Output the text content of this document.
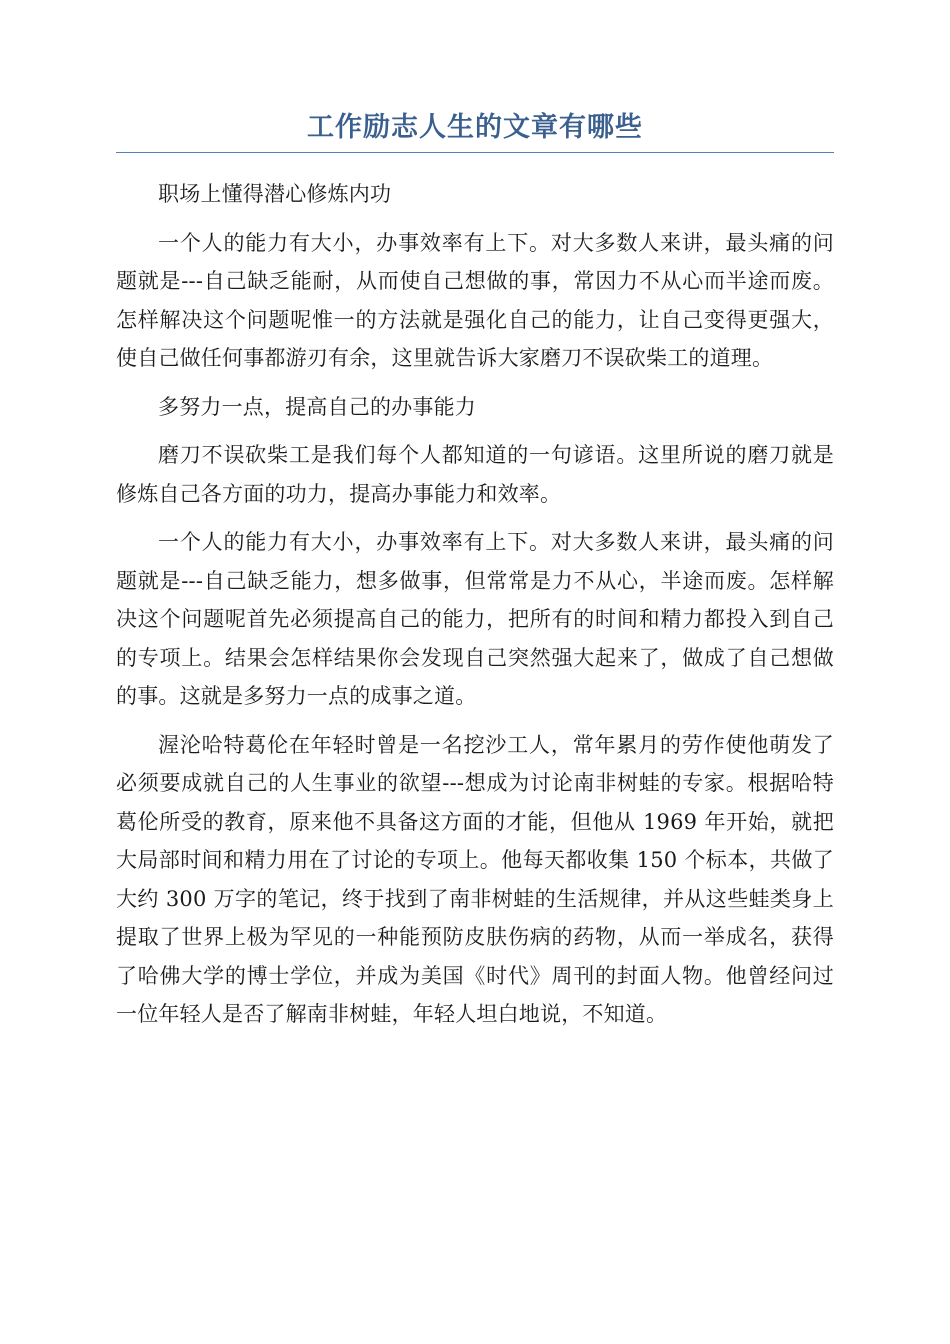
工作励志人生的文章有哪些

职场上懂得潜心修炼内功

一个人的能力有大小，办事效率有上下。对大多数人来讲，最头痛的问题就是---自己缺乏能耐，从而使自己想做的事，常因力不从心而半途而废。怎样解决这个问题呢惟一的方法就是强化自己的能力，让自己变得更强大，使自己做任何事都游刃有余，这里就告诉大家磨刀不误砍柴工的道理。

多努力一点，提高自己的办事能力

磨刀不误砍柴工是我们每个人都知道的一句谚语。这里所说的磨刀就是修炼自己各方面的功力，提高办事能力和效率。

一个人的能力有大小，办事效率有上下。对大多数人来讲，最头痛的问题就是---自己缺乏能力，想多做事，但常常是力不从心，半途而废。怎样解决这个问题呢首先必须提高自己的能力，把所有的时间和精力都投入到自己的专项上。结果会怎样结果你会发现自己突然强大起来了，做成了自己想做的事。这就是多努力一点的成事之道。

渥沦哈特葛伦在年轻时曾是一名挖沙工人，常年累月的劳作使他萌发了必须要成就自己的人生事业的欲望---想成为讨论南非树蛙的专家。根据哈特葛伦所受的教育，原来他不具备这方面的才能，但他从 1969 年开始，就把大局部时间和精力用在了讨论的专项上。他每天都收集 150 个标本，共做了大约 300 万字的笔记，终于找到了南非树蛙的生活规律，并从这些蛙类身上提取了世界上极为罕见的一种能预防皮肤伤病的药物，从而一举成名，获得了哈佛大学的博士学位，并成为美国《时代》周刊的封面人物。他曾经问过一位年轻人是否了解南非树蛙，年轻人坦白地说，不知道。
